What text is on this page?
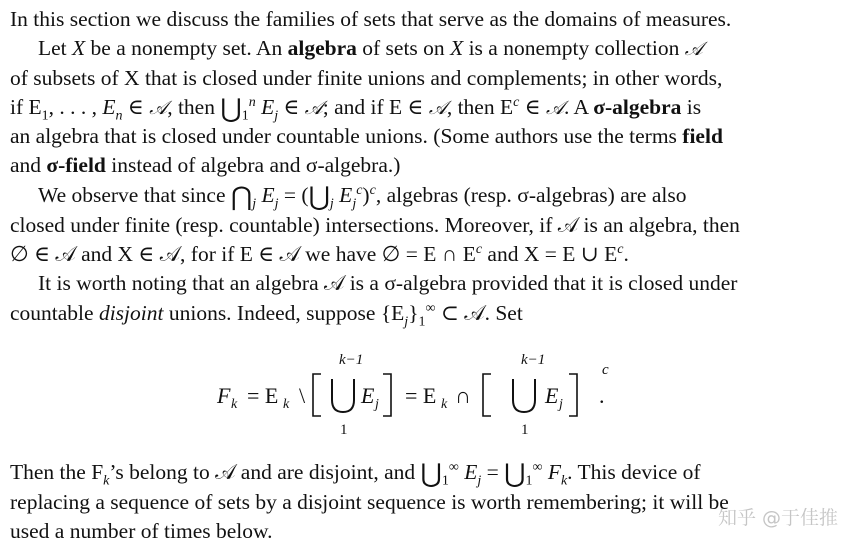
In this section we discuss the families of sets that serve as the domains of measures.
Let X be a nonempty set. An algebra of sets on X is a nonempty collection 𝒜
of subsets of X that is closed under finite unions and complements; in other words,
if $E_1$, . . . , $E_n$ ∈ 𝒜, then $⋃_1^n$ $E_j$ ∈ 𝒜; and if E ∈ 𝒜, then $E^c$ ∈ 𝒜. A σ-algebra is
an algebra that is closed under countable unions. (Some authors use the terms field
and σ-field instead of algebra and σ-algebra.)
We observe that since $⋂_j$ $E_j$ = ($⋃_j$ $E_j^c)^c$, algebras (resp. σ-algebras) are also
closed under finite (resp. countable) intersections. Moreover, if 𝒜 is an algebra, then
∅ ∈ 𝒜 and X ∈ 𝒜, for if E ∈ 𝒜 we have ∅ = E ∩ $E^c$ and X = E ∪ $E^c$.
It is worth noting that an algebra 𝒜 is a σ-algebra provided that it is closed under
countable disjoint unions. Indeed, suppose $\{E_j\}_1^\infty$ ⊂ 𝒜. Set
F k = E k \
k−1
1
E j = E k ∩
k−1
1
E j
c
.
Then the $F_k’s$ belong to 𝒜 and are disjoint, and $⋃_1^\infty$ $E_j$ = $⋃_1^\infty$ $F_k$. This device of
replacing a sequence of sets by a disjoint sequence is worth remembering; it will be
used a number of times below.
知乎 @于佳推
